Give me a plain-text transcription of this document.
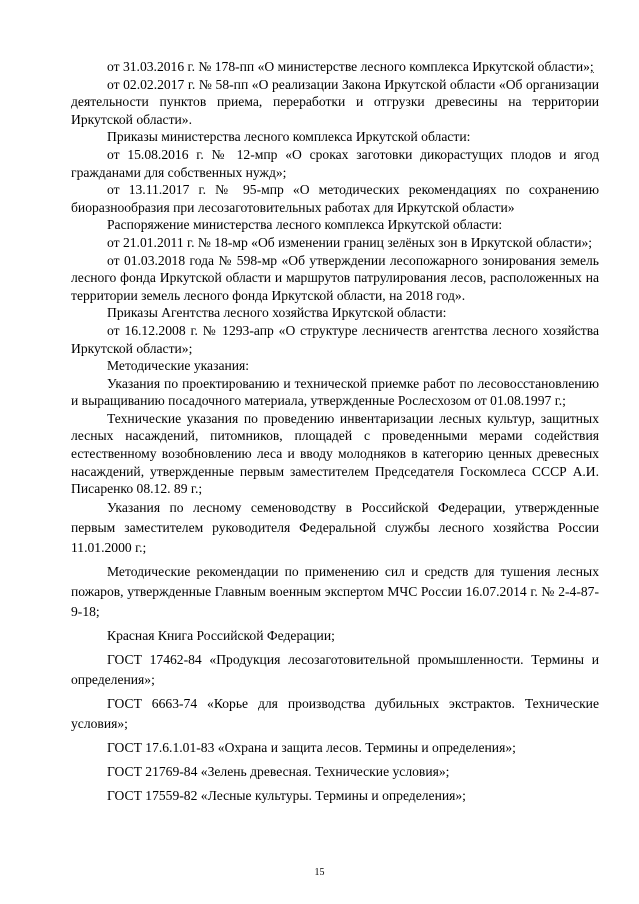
от 31.03.2016 г. № 178-пп «О министерстве лесного комплекса Иркутской области»;

от 02.02.2017 г. № 58-пп «О реализации Закона Иркутской области «Об организации деятельности пунктов приема, переработки и отгрузки древесины на территории Иркутской области».

Приказы министерства лесного комплекса Иркутской области:

от 15.08.2016 г. № 12-мпр «О сроках заготовки дикорастущих плодов и ягод гражданами для собственных нужд»;

от 13.11.2017 г. № 95-мпр «О методических рекомендациях по сохранению биоразнообразия при лесозаготовительных работах для Иркутской области»

Распоряжение министерства лесного комплекса Иркутской области:

от 21.01.2011 г. № 18-мр «Об изменении границ зелёных зон в Иркутской области»;

от 01.03.2018 года № 598-мр «Об утверждении лесопожарного зонирования земель лесного фонда Иркутской области и маршрутов патрулирования лесов, расположенных на территории земель лесного фонда Иркутской области, на 2018 год».

Приказы Агентства лесного хозяйства Иркутской области:

от 16.12.2008 г. № 1293-апр «О структуре лесничеств агентства лесного хозяйства Иркутской области»;

Методические указания:

Указания по проектированию и технической приемке работ по лесовосстановлению и выращиванию посадочного материала, утвержденные Рослесхозом от 01.08.1997 г.;

Технические указания по проведению инвентаризации лесных культур, защитных лесных насаждений, питомников, площадей с проведенными мерами содействия естественному возобновлению леса и вводу молодняков в категорию ценных древесных насаждений, утвержденные первым заместителем Председателя Госкомлеса СССР А.И. Писаренко 08.12. 89 г.;

Указания по лесному семеноводству в Российской Федерации, утвержденные первым заместителем руководителя Федеральной службы лесного хозяйства России 11.01.2000 г.;

Методические рекомендации по применению сил и средств для тушения лесных пожаров, утвержденные Главным военным экспертом МЧС России 16.07.2014 г. № 2-4-87-9-18;

Красная Книга Российской Федерации;

ГОСТ 17462-84 «Продукция лесозаготовительной промышленности. Термины и определения»;

ГОСТ 6663-74 «Корье для производства дубильных экстрактов. Технические условия»;

ГОСТ 17.6.1.01-83 «Охрана и защита лесов. Термины и определения»;

ГОСТ 21769-84 «Зелень древесная. Технические условия»;

ГОСТ 17559-82 «Лесные культуры. Термины и определения»;

15
